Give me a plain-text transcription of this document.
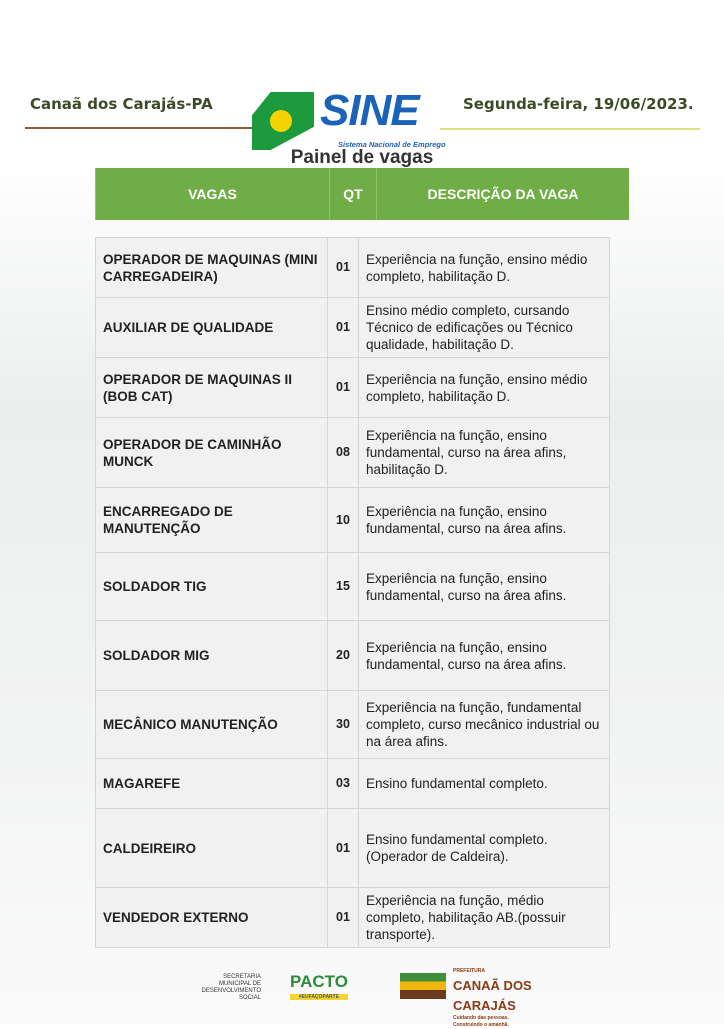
Canaã dos Carajás-PA	Segunda-feira, 19/06/2023.
SINE
Sistema Nacional de Emprego
Painel de vagas
VAGAS	QT	DESCRIÇÃO DA VAGA
OPERADOR DE MAQUINAS (MINI CARREGADEIRA)	01	Experiência na função, ensino médio completo, habilitação D.
AUXILIAR DE QUALIDADE	01	Ensino médio completo, cursando Técnico de edificações ou Técnico qualidade, habilitação D.
OPERADOR DE MAQUINAS II (BOB CAT)	01	Experiência na função, ensino médio completo, habilitação D.
OPERADOR DE CAMINHÃO MUNCK	08	Experiência na função, ensino fundamental, curso na área afins, habilitação D.
ENCARREGADO DE MANUTENÇÃO	10	Experiência na função, ensino fundamental, curso na área afins.
SOLDADOR TIG	15	Experiência na função, ensino fundamental, curso na área afins.
SOLDADOR MIG	20	Experiência na função, ensino fundamental, curso na área afins.
MECÂNICO MANUTENÇÃO	30	Experiência na função, fundamental completo, curso mecânico industrial ou na área afins.
MAGAREFE	03	Ensino fundamental completo.
CALDEIREIRO	01	Ensino fundamental completo. (Operador de Caldeira).
VENDEDOR EXTERNO	01	Experiência na função, médio completo, habilitação AB.(possuir transporte).
SECRETARIA MUNICIPAL DE DESENVOLVIMENTO SOCIAL
PACTO
#EUFAÇOPARTE
PREFEITURA
CANAÃ DOS CARAJÁS
Cuidando das pessoas. Construindo o amanhã.
